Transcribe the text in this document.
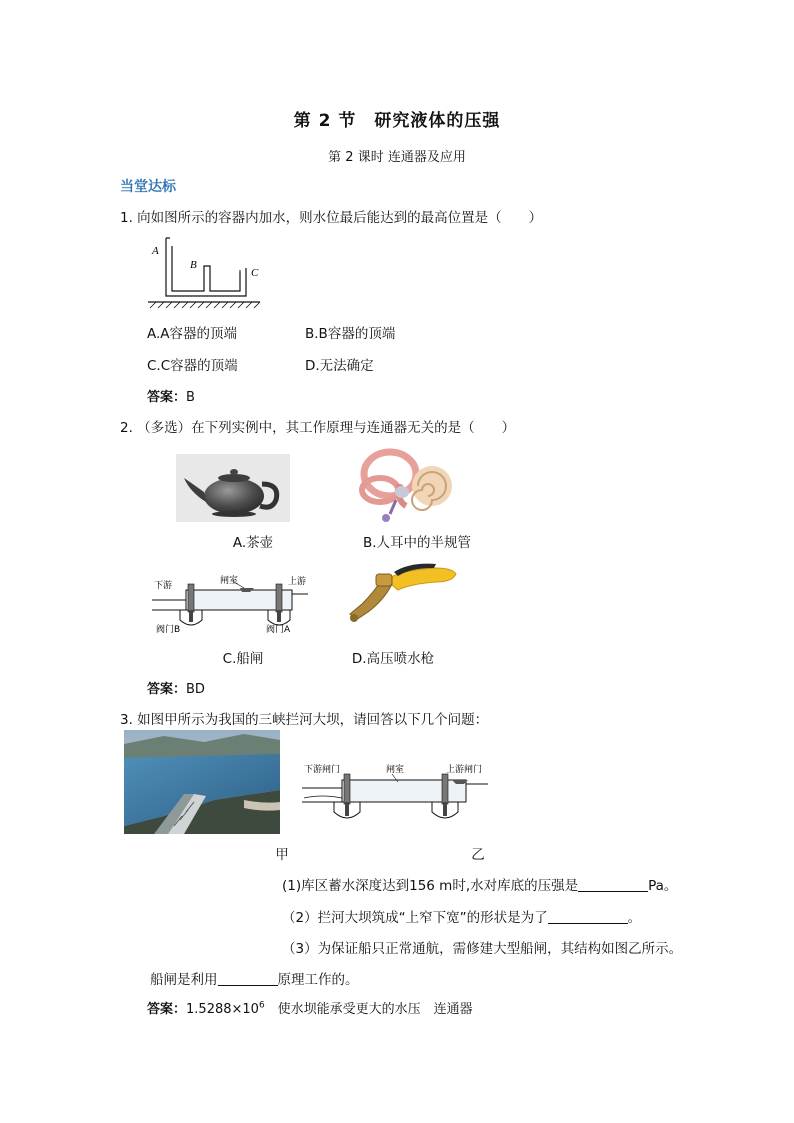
第 2 节　研究液体的压强
第 2 课时 连通器及应用
当堂达标
1. 向如图所示的容器内加水，则水位最后能达到的最高位置是（　　）
A
B
C
A.A容器的顶端	B.B容器的顶端
C.C容器的顶端	D.无法确定
答案：B
2. （多选）在下列实例中，其工作原理与连通器无关的是（　　）
A.茶壶	B.人耳中的半规管
下游	闸室	上游
阀门B	阀门A
C.船闸	D.高压喷水枪
答案：BD
3. 如图甲所示为我国的三峡拦河大坝，请回答以下几个问题：
下游闸门	闸室	上游闸门
甲	乙
(1)库区蓄水深度达到156 m时,水对库底的压强是	Pa。
（2）拦河大坝筑成“上窄下宽”的形状是为了	。
（3）为保证船只正常通航，需修建大型船闸，其结构如图乙所示。
船闸是利用	原理工作的。
答案：$1.5288\times 10^6$　使水坝能承受更大的水压　连通器
